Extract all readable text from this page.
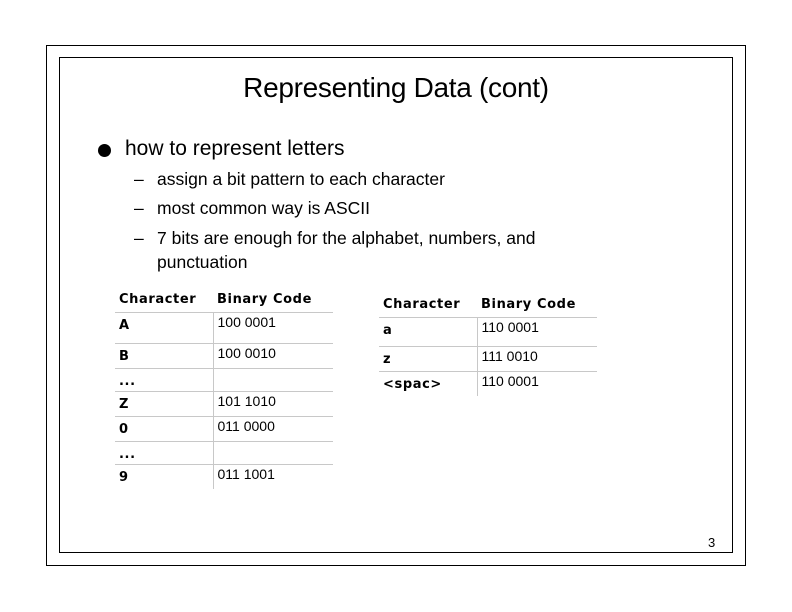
Representing Data (cont)
how to represent letters
– assign a bit pattern to each character
– most common way is ASCII
– 7 bits are enough for the alphabet, numbers, and
punctuation
Character	Binary Code
A	100 0001
B	100 0010
...	
Z	101 1010
0	011 0000
...	
9	011 1001
Character	Binary Code
a	110 0001
z	111 0010
<spac>	110 0001
3
